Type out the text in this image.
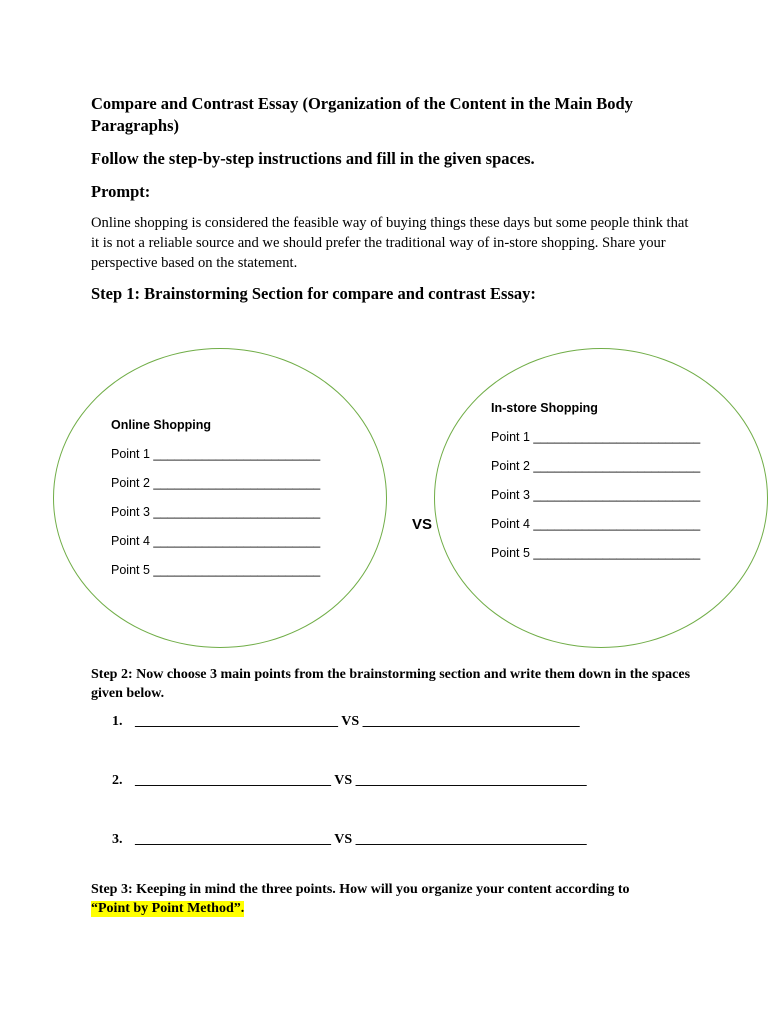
Compare and Contrast Essay (Organization of the Content in the Main Body Paragraphs)
Follow the step-by-step instructions and fill in the given spaces.
Prompt:
Online shopping is considered the feasible way of buying things these days but some people think that it is not a reliable source and we should prefer the traditional way of in-store shopping. Share your perspective based on the statement.
Step 1: Brainstorming Section for compare and contrast Essay:
Online Shopping
Point 1 ________________________
Point 2 ________________________
Point 3 ________________________
Point 4 ________________________
Point 5 ________________________
VS
In-store Shopping
Point 1 ________________________
Point 2 ________________________
Point 3 ________________________
Point 4 ________________________
Point 5 ________________________
Step 2: Now choose 3 main points from the brainstorming section and write them down in the spaces given below.
1. _____________________________ VS _______________________________
2. ____________________________ VS _________________________________
3. ____________________________ VS _________________________________
Step 3: Keeping in mind the three points. How will you organize your content according to
“Point by Point Method”.
